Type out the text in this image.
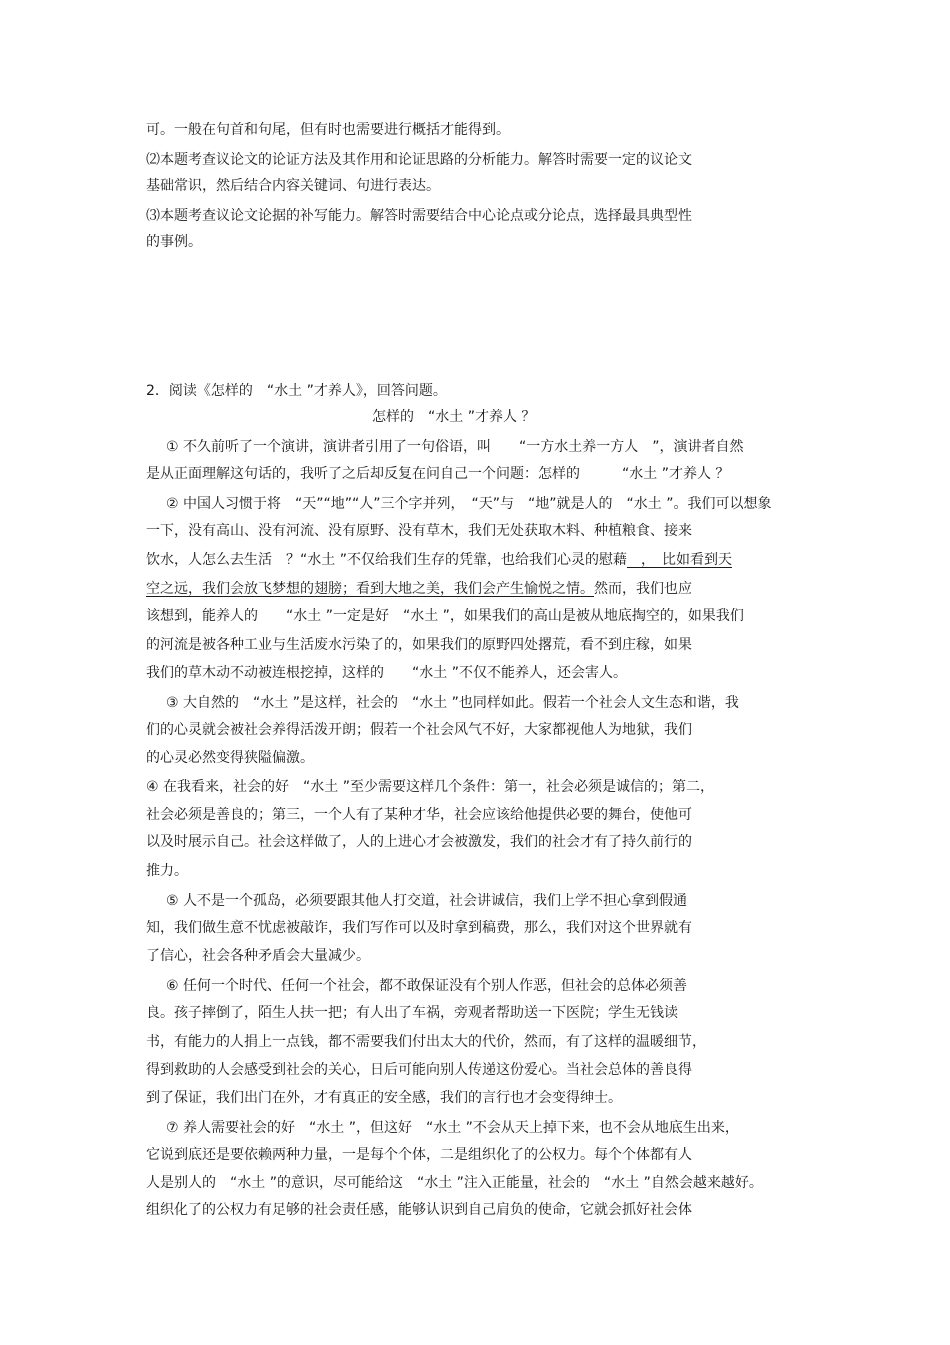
可。一般在句首和句尾，但有时也需要进行概括才能得到。
⑵本题考查议论文的论证方法及其作用和论证思路的分析能力。解答时需要一定的议论文
基础常识，然后结合内容关键词、句进行表达。
⑶本题考查议论文论据的补写能力。解答时需要结合中心论点或分论点，选择最具典型性
的事例。
2．阅读《怎样的　“水土 ”才养人》，回答问题。
怎样的　“水土 ”才养人 ？
① 不久前听了一个演讲，演讲者引用了一句俗语，叫　　“一方水土养一方人　”，演讲者自然
是从正面理解这句话的，我听了之后却反复在问自己一个问题：怎样的　　　“水土 ”才养人 ？
② 中国人习惯于将　“天”“地”“人”三个字并列，　“天”与　“地”就是人的　“水土 ”。我们可以想象
一下，没有高山、没有河流、没有原野、没有草木，我们无处获取木料、种植粮食、接来
饮水，人怎么去生活　？“水土 ”不仅给我们生存的凭靠，也给我们心灵的慰藉　，　比如看到天
空之远，我们会放飞梦想的翅膀；看到大地之美，我们会产生愉悦之情。然而，我们也应
该想到，能养人的　　“水土 ”一定是好　“水土 ”，如果我们的高山是被从地底掏空的，如果我们
的河流是被各种工业与生活废水污染了的，如果我们的原野四处撂荒，看不到庄稼，如果
我们的草木动不动被连根挖掉，这样的　　“水土 ”不仅不能养人，还会害人。
③ 大自然的　“水土 ”是这样，社会的　“水土 ”也同样如此。假若一个社会人文生态和谐，我
们的心灵就会被社会养得活泼开朗；假若一个社会风气不好，大家都视他人为地狱，我们
的心灵必然变得狭隘偏激。
④ 在我看来，社会的好　“水土 ”至少需要这样几个条件：第一，社会必须是诚信的；第二，
社会必须是善良的；第三，一个人有了某种才华，社会应该给他提供必要的舞台，使他可
以及时展示自己。社会这样做了，人的上进心才会被激发，我们的社会才有了持久前行的
推力。
⑤ 人不是一个孤岛，必须要跟其他人打交道，社会讲诚信，我们上学不担心拿到假通
知，我们做生意不忧虑被敲诈，我们写作可以及时拿到稿费，那么，我们对这个世界就有
了信心，社会各种矛盾会大量减少。
⑥ 任何一个时代、任何一个社会，都不敢保证没有个别人作恶，但社会的总体必须善
良。孩子摔倒了，陌生人扶一把；有人出了车祸，旁观者帮助送一下医院；学生无钱读
书，有能力的人捐上一点钱，都不需要我们付出太大的代价，然而，有了这样的温暖细节，
得到救助的人会感受到社会的关心，日后可能向别人传递这份爱心。当社会总体的善良得
到了保证，我们出门在外，才有真正的安全感，我们的言行也才会变得绅士。
⑦ 养人需要社会的好　“水土 ”，但这好　“水土 ”不会从天上掉下来，也不会从地底生出来，
它说到底还是要依赖两种力量，一是每个个体，二是组织化了的公权力。每个个体都有人
人是别人的　“水土 ”的意识，尽可能给这　“水土 ”注入正能量，社会的　“水土 ”自然会越来越好。
组织化了的公权力有足够的社会责任感，能够认识到自己肩负的使命，它就会抓好社会体
